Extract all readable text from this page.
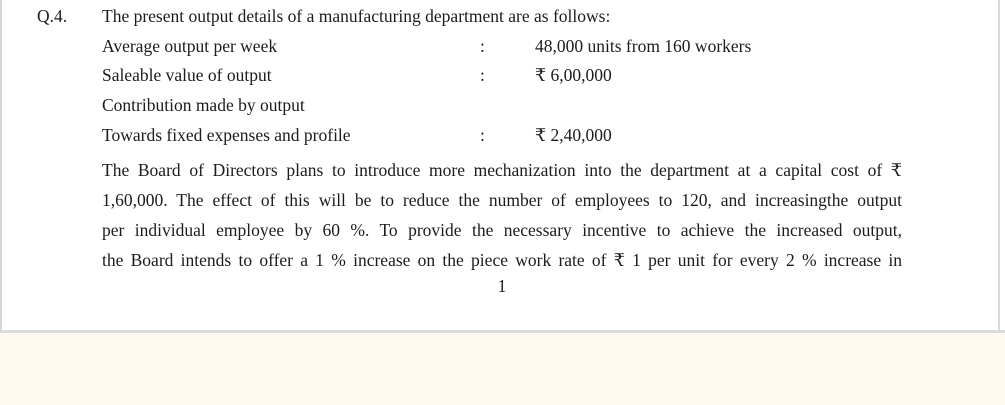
Q.4. The present output details of a manufacturing department are as follows:
Average output per week	:	48,000 units from 160 workers
Saleable value of output	:	₹ 6,00,000
Contribution made by output
Towards fixed expenses and profile	:	₹ 2,40,000
The Board of Directors plans to introduce more mechanization into the department at a capital cost of ₹
1,60,000. The effect of this will be to reduce the number of employees to 120, and increasingthe output
per individual employee by 60 %. To provide the necessary incentive to achieve the increased output,
the Board intends to offer a 1 % increase on the piece work rate of ₹ 1 per unit for every 2 % increase in
1
